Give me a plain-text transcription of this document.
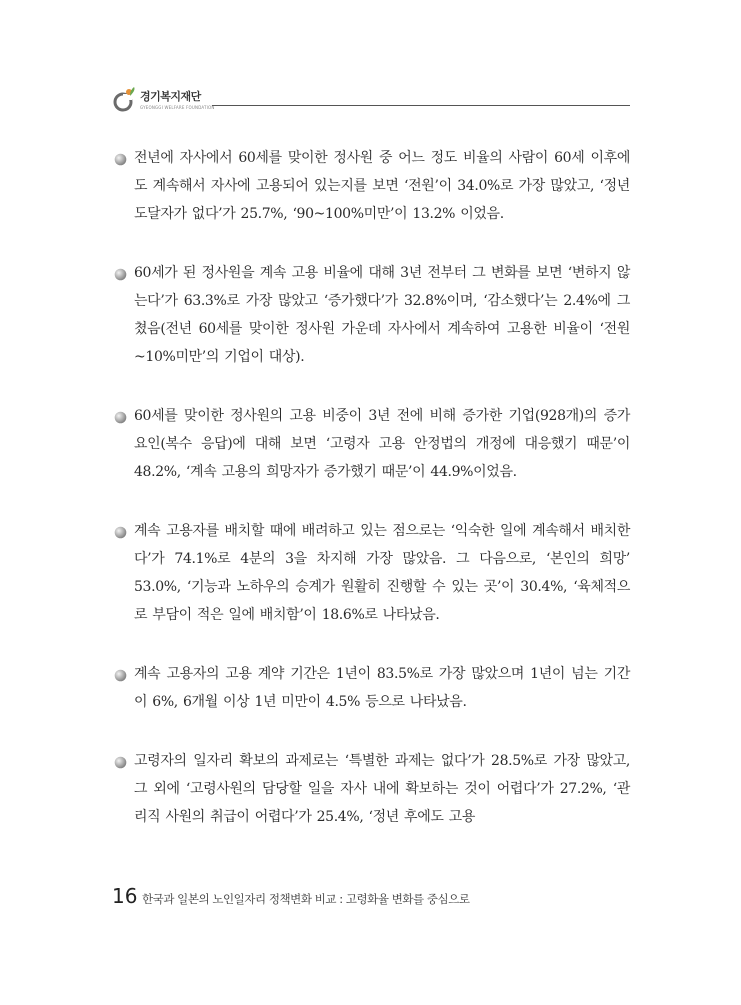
경기복지재단
GYEONGGI WELFARE FOUNDATION
전년에 자사에서 60세를 맞이한 정사원 중 어느 정도 비율의 사람이 60세 이후에도 계속해서 자사에 고용되어 있는지를 보면 ‘전원’이 34.0%로 가장 많았고, ‘정년 도달자가 없다’가 25.7%, ‘90~100%미만’이 13.2% 이었음.
60세가 된 정사원을 계속 고용 비율에 대해 3년 전부터 그 변화를 보면 ‘변하지 않는다’가 63.3%로 가장 많았고 ‘증가했다’가 32.8%이며, ‘감소했다’는 2.4%에 그쳤음(전년 60세를 맞이한 정사원 가운데 자사에서 계속하여 고용한 비율이 ‘전원~10%미만’의 기업이 대상).
60세를 맞이한 정사원의 고용 비중이 3년 전에 비해 증가한 기업(928개)의 증가 요인(복수 응답)에 대해 보면 ‘고령자 고용 안정법의 개정에 대응했기 때문’이 48.2%, ‘계속 고용의 희망자가 증가했기 때문’이 44.9%이었음.
계속 고용자를 배치할 때에 배려하고 있는 점으로는 ‘익숙한 일에 계속해서 배치한다’가 74.1%로 4분의 3을 차지해 가장 많았음. 그 다음으로, ‘본인의 희망’ 53.0%, ‘기능과 노하우의 승계가 원활히 진행할 수 있는 곳’이 30.4%, ‘육체적으로 부담이 적은 일에 배치함’이 18.6%로 나타났음.
계속 고용자의 고용 계약 기간은 1년이 83.5%로 가장 많았으며 1년이 넘는 기간이 6%, 6개월 이상 1년 미만이 4.5% 등으로 나타났음.
고령자의 일자리 확보의 과제로는 ‘특별한 과제는 없다’가 28.5%로 가장 많았고, 그 외에 ‘고령사원의 담당할 일을 자사 내에 확보하는 것이 어렵다’가 27.2%, ‘관리직 사원의 취급이 어렵다’가 25.4%, ‘정년 후에도 고용
16 한국과 일본의 노인일자리 정책변화 비교 : 고령화율 변화를 중심으로
